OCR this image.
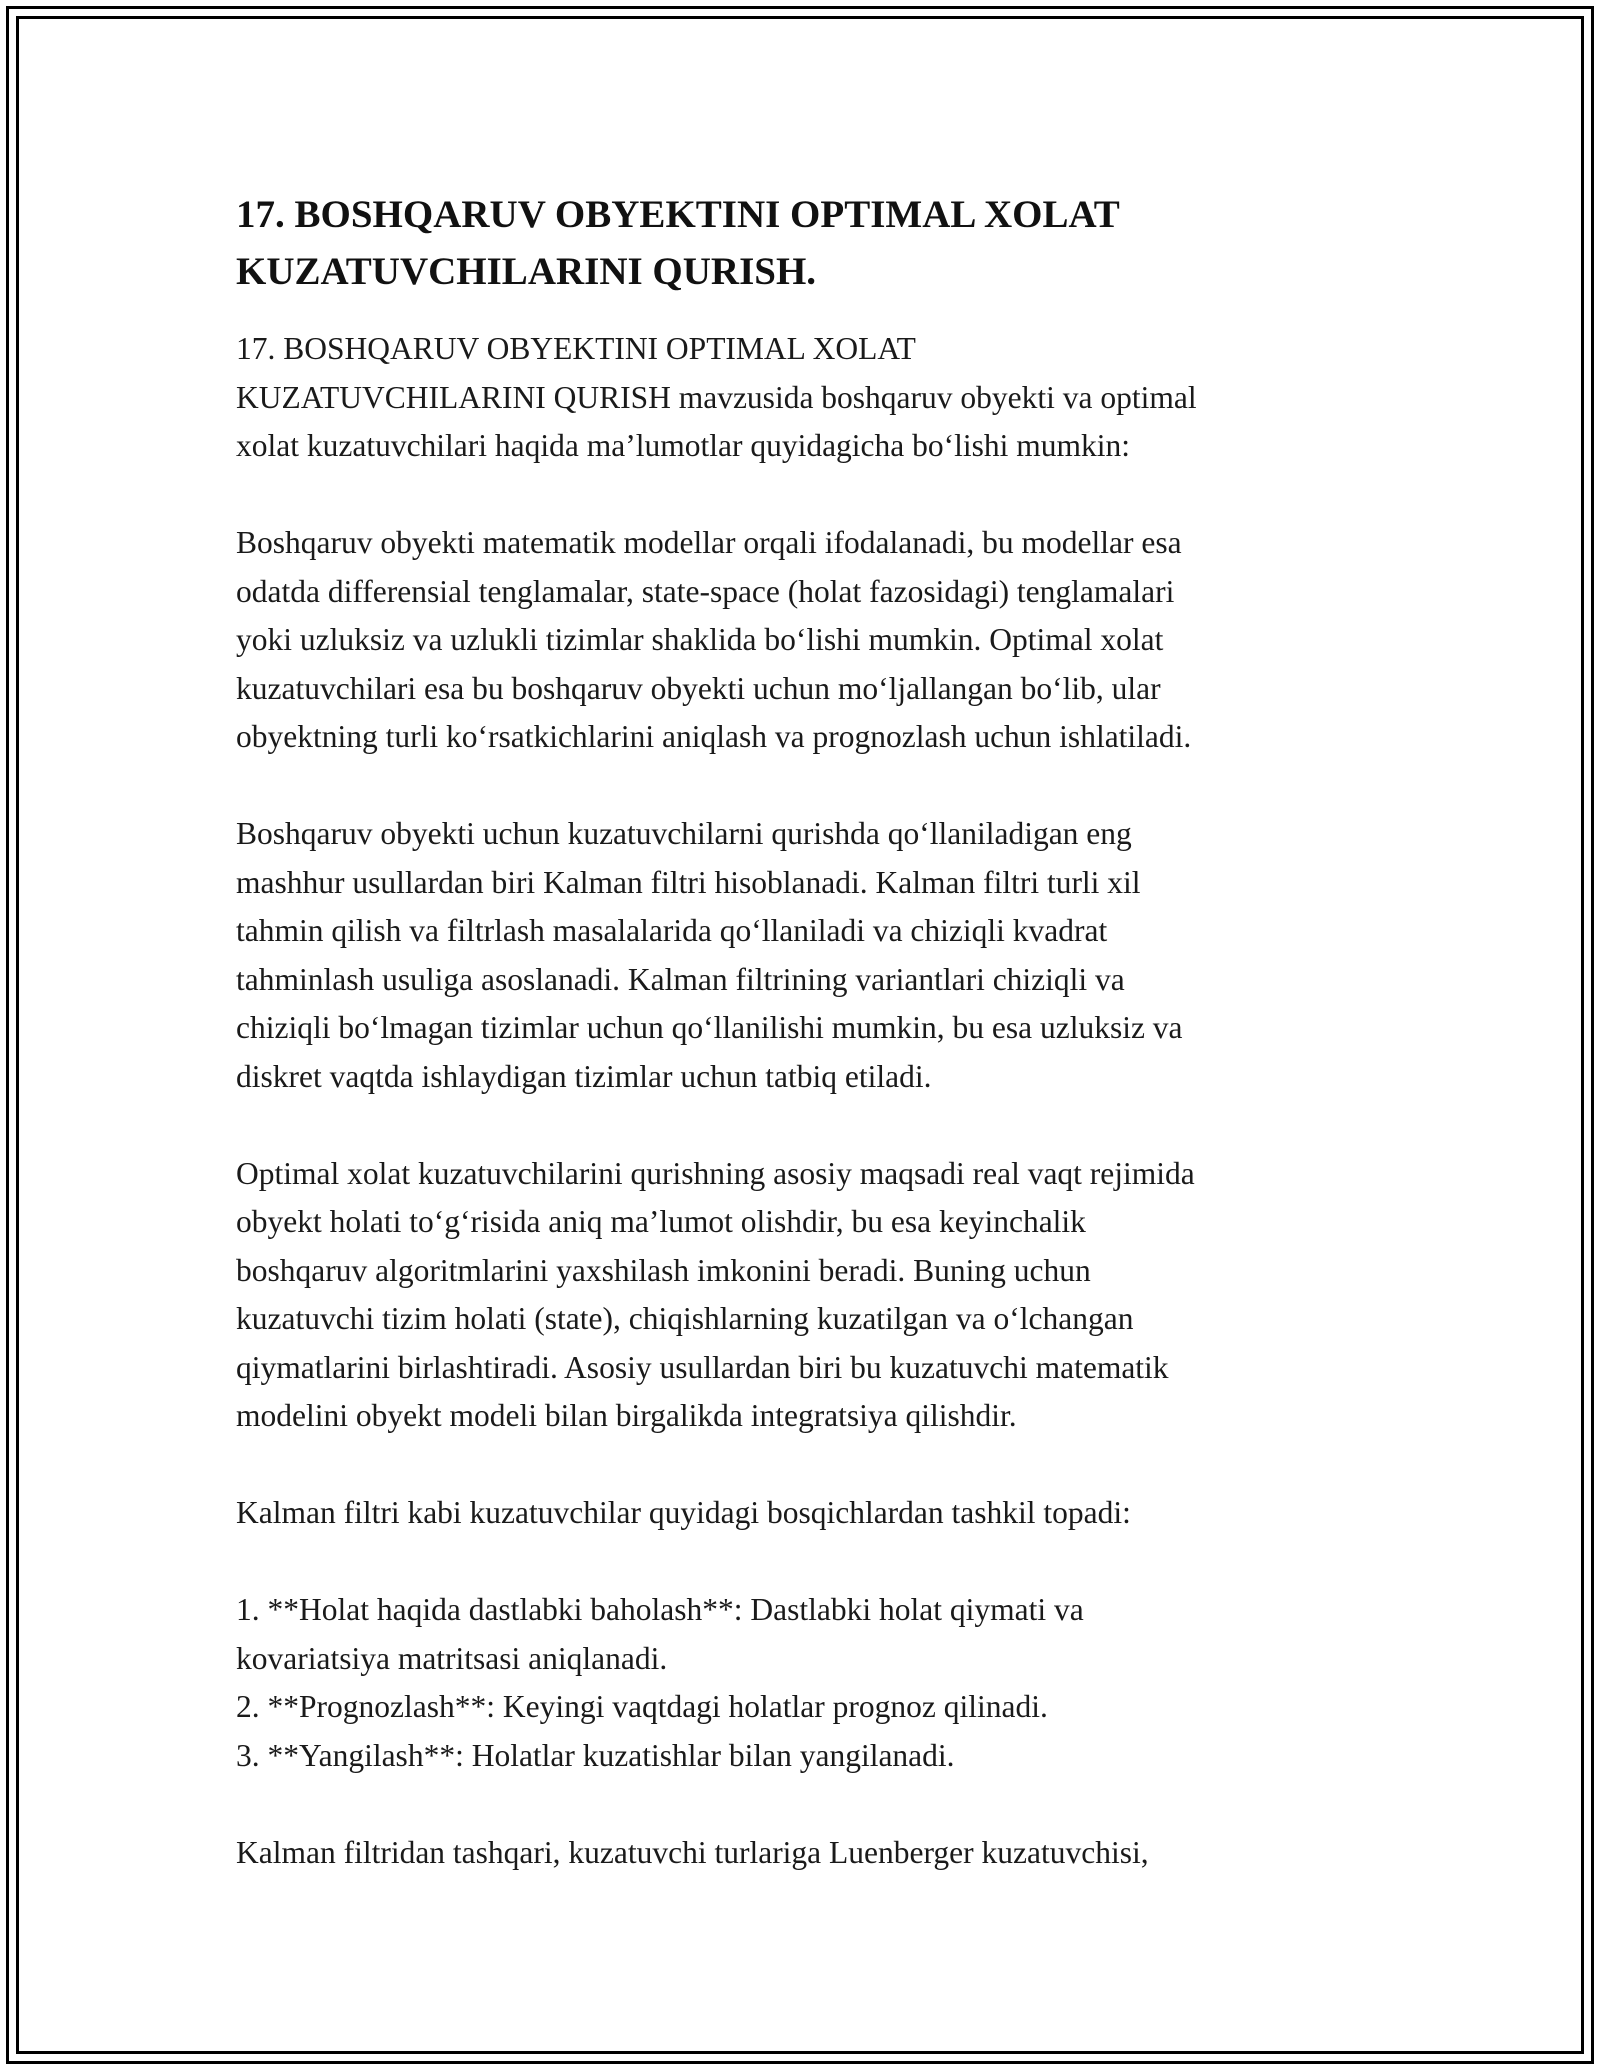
17. BOSHQARUV OBYEKTINI OPTIMAL XOLAT
KUZATUVCHILARINI QURISH.

17. BOSHQARUV OBYEKTINI OPTIMAL XOLAT
KUZATUVCHILARINI QURISH mavzusida boshqaruv obyekti va optimal
xolat kuzatuvchilari haqida ma’lumotlar quyidagicha bo‘lishi mumkin:

Boshqaruv obyekti matematik modellar orqali ifodalanadi, bu modellar esa
odatda differensial tenglamalar, state-space (holat fazosidagi) tenglamalari
yoki uzluksiz va uzlukli tizimlar shaklida bo‘lishi mumkin. Optimal xolat
kuzatuvchilari esa bu boshqaruv obyekti uchun mo‘ljallangan bo‘lib, ular
obyektning turli ko‘rsatkichlarini aniqlash va prognozlash uchun ishlatiladi.

Boshqaruv obyekti uchun kuzatuvchilarni qurishda qo‘llaniladigan eng
mashhur usullardan biri Kalman filtri hisoblanadi. Kalman filtri turli xil
tahmin qilish va filtrlash masalalarida qo‘llaniladi va chiziqli kvadrat
tahminlash usuliga asoslanadi. Kalman filtrining variantlari chiziqli va
chiziqli bo‘lmagan tizimlar uchun qo‘llanilishi mumkin, bu esa uzluksiz va
diskret vaqtda ishlaydigan tizimlar uchun tatbiq etiladi.

Optimal xolat kuzatuvchilarini qurishning asosiy maqsadi real vaqt rejimida
obyekt holati to‘g‘risida aniq ma’lumot olishdir, bu esa keyinchalik
boshqaruv algoritmlarini yaxshilash imkonini beradi. Buning uchun
kuzatuvchi tizim holati (state), chiqishlarning kuzatilgan va o‘lchangan
qiymatlarini birlashtiradi. Asosiy usullardan biri bu kuzatuvchi matematik
modelini obyekt modeli bilan birgalikda integratsiya qilishdir.

Kalman filtri kabi kuzatuvchilar quyidagi bosqichlardan tashkil topadi:

1. **Holat haqida dastlabki baholash**: Dastlabki holat qiymati va
kovariatsiya matritsasi aniqlanadi.
2. **Prognozlash**: Keyingi vaqtdagi holatlar prognoz qilinadi.
3. **Yangilash**: Holatlar kuzatishlar bilan yangilanadi.

Kalman filtridan tashqari, kuzatuvchi turlariga Luenberger kuzatuvchisi,
